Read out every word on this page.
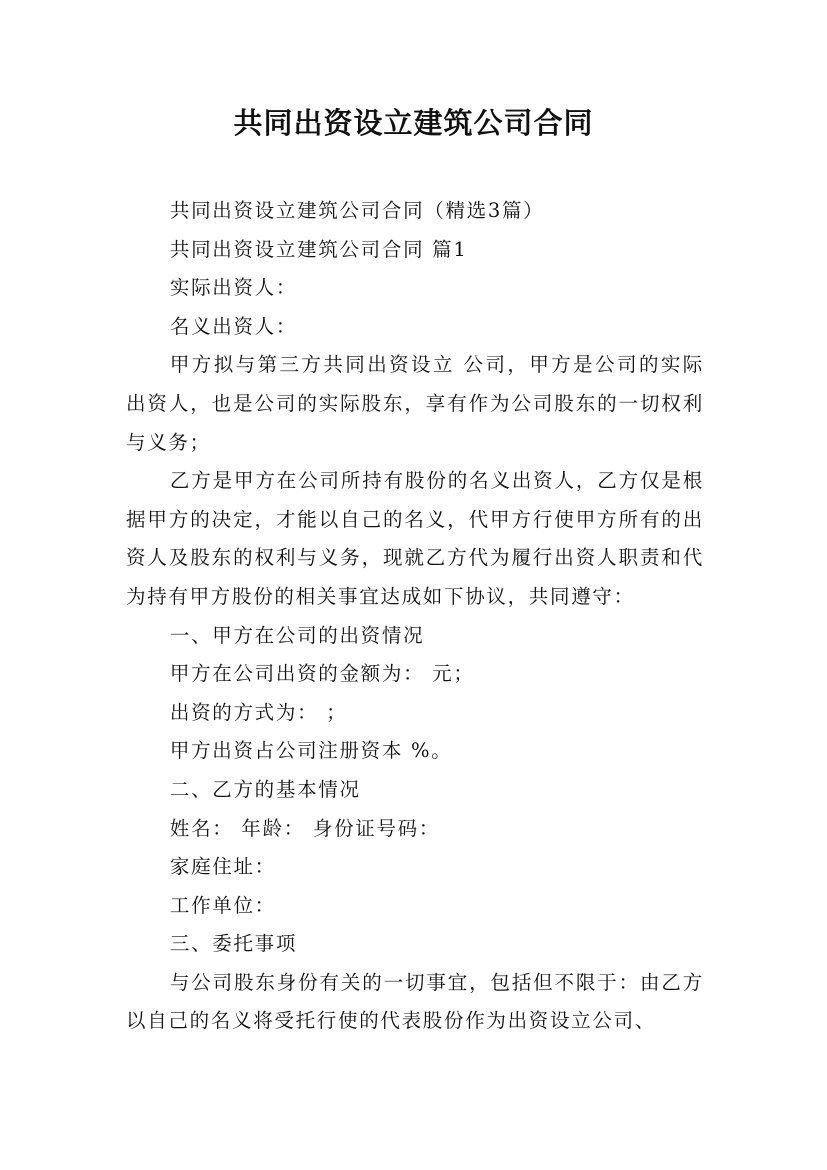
共同出资设立建筑公司合同

共同出资设立建筑公司合同（精选3篇）

共同出资设立建筑公司合同 篇1

实际出资人：

名义出资人：

甲方拟与第三方共同出资设立 公司，甲方是公司的实际出资人，也是公司的实际股东，享有作为公司股东的一切权利与义务；

乙方是甲方在公司所持有股份的名义出资人，乙方仅是根据甲方的决定，才能以自己的名义，代甲方行使甲方所有的出资人及股东的权利与义务，现就乙方代为履行出资人职责和代为持有甲方股份的相关事宜达成如下协议，共同遵守：

一、甲方在公司的出资情况

甲方在公司出资的金额为： 元；

出资的方式为： ；

甲方出资占公司注册资本 %。

二、乙方的基本情况

姓名： 年龄： 身份证号码：

家庭住址：

工作单位：

三、委托事项

与公司股东身份有关的一切事宜，包括但不限于：由乙方以自己的名义将受托行使的代表股份作为出资设立公司、
